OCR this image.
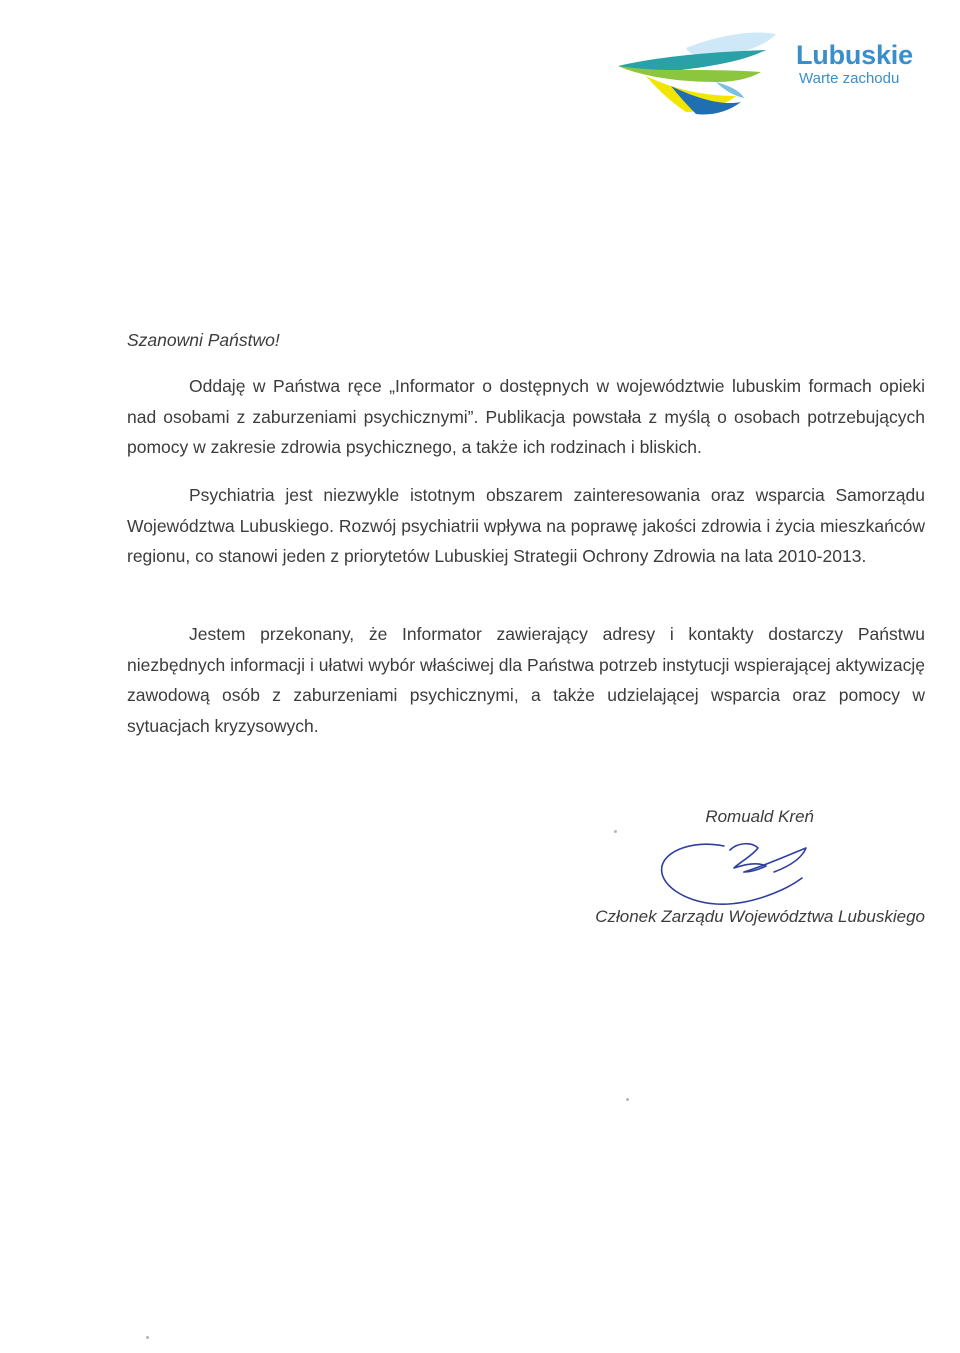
Lubuskie
Warte zachodu
Szanowni Państwo!

Oddaję w Państwa ręce „Informator o dostępnych w województwie lubuskim formach opieki nad osobami z zaburzeniami psychicznymi”. Publikacja powstała z myślą o osobach potrzebujących pomocy w zakresie zdrowia psychicznego, a także ich rodzinach i bliskich.

Psychiatria jest niezwykle istotnym obszarem zainteresowania oraz wsparcia Samorządu Województwa Lubuskiego. Rozwój psychiatrii wpływa na poprawę jakości zdrowia i życia mieszkańców regionu, co stanowi jeden z priorytetów Lubuskiej Strategii Ochrony Zdrowia na lata 2010-2013.

Jestem przekonany, że Informator zawierający adresy i kontakty dostarczy Państwu niezbędnych informacji i ułatwi wybór właściwej dla Państwa potrzeb instytucji wspierającej aktywizację zawodową osób z zaburzeniami psychicznymi, a także udzielającej wsparcia oraz pomocy w sytuacjach kryzysowych.

Romuald Kreń
Członek Zarządu Województwa Lubuskiego
